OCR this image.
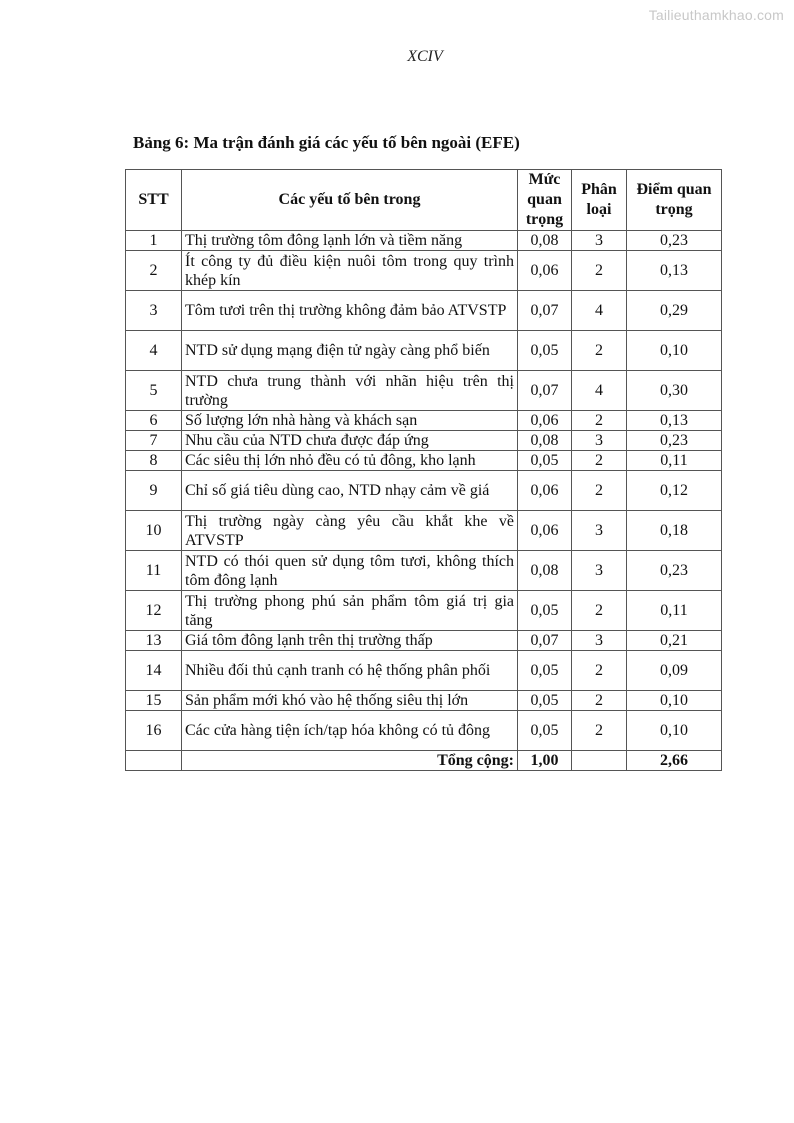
Tailieuthamkhao.com
XCIV
Bảng 6: Ma trận đánh giá các yếu tố bên ngoài (EFE)
STT	Các yếu tố bên trong	Mức quan trọng	Phân loại	Điểm quan trọng
1	Thị trường tôm đông lạnh lớn và tiềm năng	0,08	3	0,23
2	Ít công ty đủ điều kiện nuôi tôm trong quy trình khép kín	0,06	2	0,13
3	Tôm tươi trên thị trường không đảm bảo ATVSTP	0,07	4	0,29
4	NTD sử dụng mạng điện tử ngày càng phổ biến	0,05	2	0,10
5	NTD chưa trung thành với nhãn hiệu trên thị trường	0,07	4	0,30
6	Số lượng lớn nhà hàng và khách sạn	0,06	2	0,13
7	Nhu cầu của NTD chưa được đáp ứng	0,08	3	0,23
8	Các siêu thị lớn nhỏ đều có tủ đông, kho lạnh	0,05	2	0,11
9	Chỉ số giá tiêu dùng cao, NTD nhạy cảm về giá	0,06	2	0,12
10	Thị trường ngày càng yêu cầu khắt khe về ATVSTP	0,06	3	0,18
11	NTD có thói quen sử dụng tôm tươi, không thích tôm đông lạnh	0,08	3	0,23
12	Thị trường phong phú sản phẩm tôm giá trị gia tăng	0,05	2	0,11
13	Giá tôm đông lạnh trên thị trường thấp	0,07	3	0,21
14	Nhiều đối thủ cạnh tranh có hệ thống phân phối	0,05	2	0,09
15	Sản phẩm mới khó vào hệ thống siêu thị lớn	0,05	2	0,10
16	Các cửa hàng tiện ích/tạp hóa không có tủ đông	0,05	2	0,10
	Tổng cộng:	1,00		2,66
